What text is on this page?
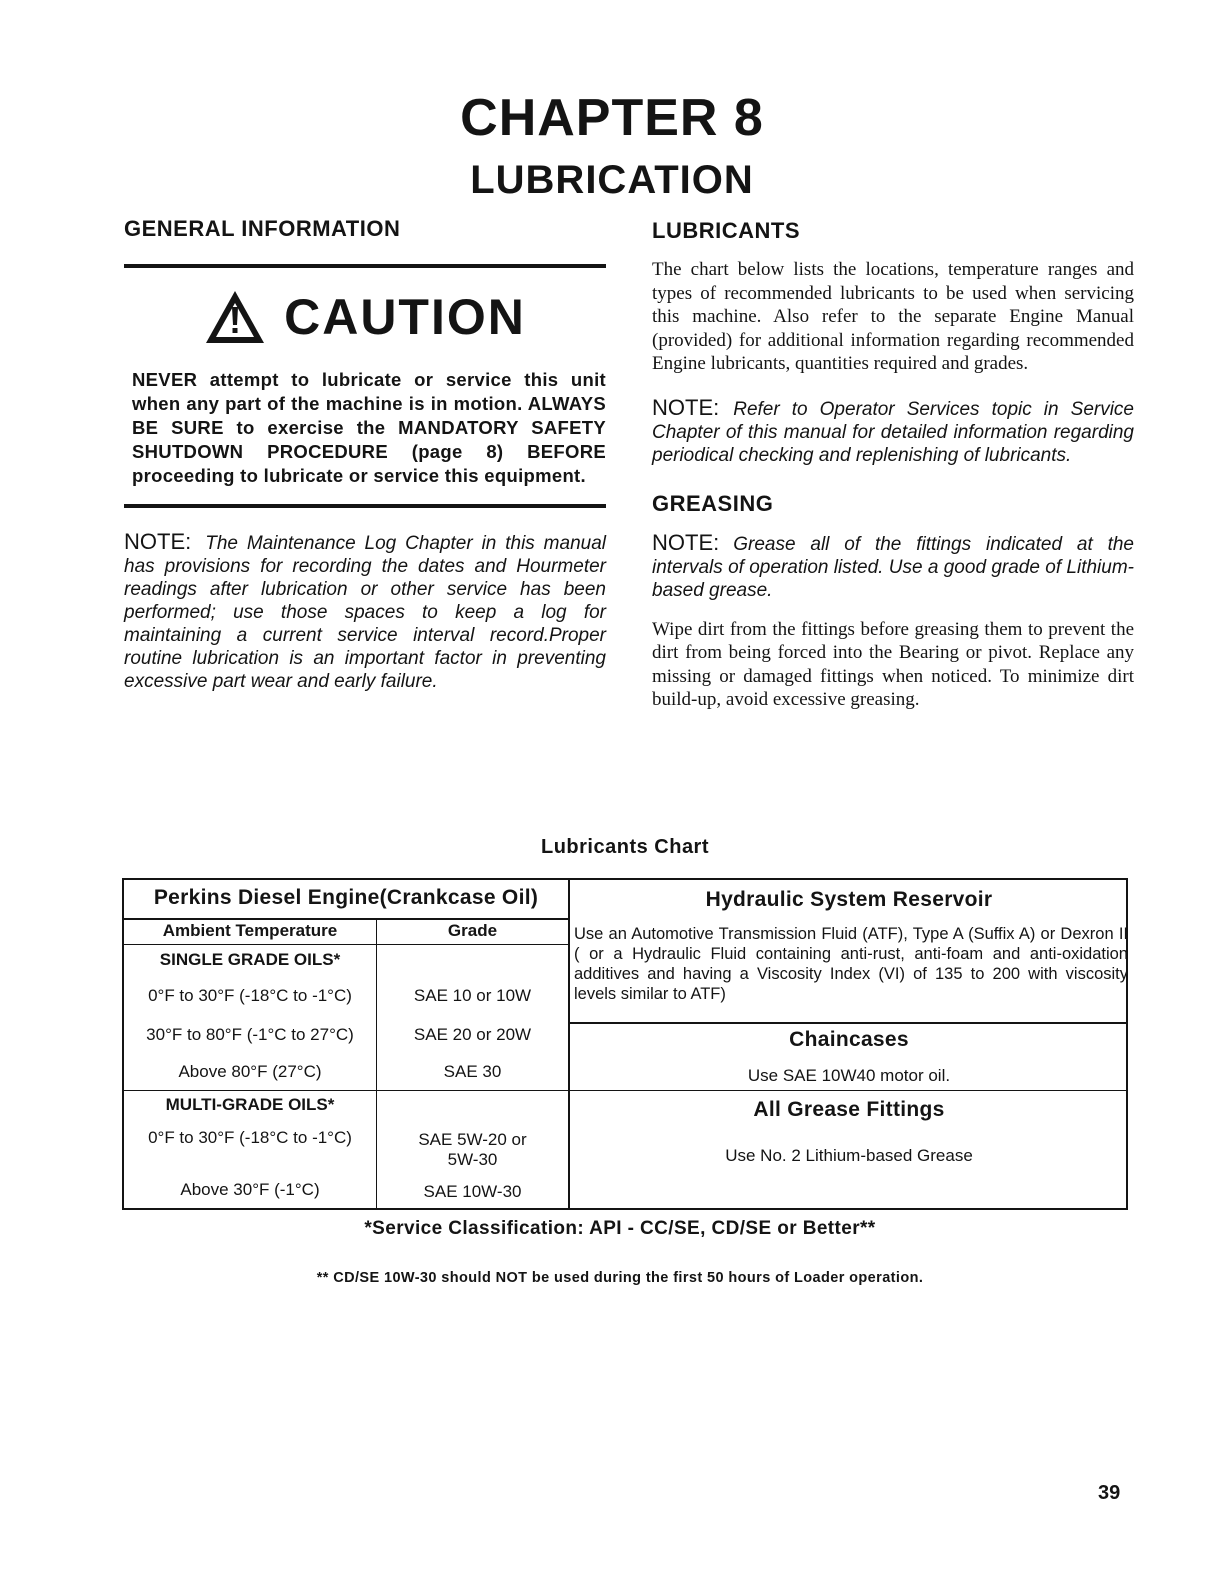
CHAPTER 8
LUBRICATION
GENERAL INFORMATION
CAUTION
NEVER attempt to lubricate or service this unit when any part of the machine is in motion. ALWAYS BE SURE to exercise the MANDATORY SAFETY SHUTDOWN PROCEDURE (page 8) BEFORE proceeding to lubricate or service this equipment.
NOTE: The Maintenance Log Chapter in this manual has provisions for recording the dates and Hourmeter readings after lubrication or other service has been performed; use those spaces to keep a log for maintaining a current service interval record.Proper routine lubrication is an important factor in preventing excessive part wear and early failure.
LUBRICANTS
The chart below lists the locations, temperature ranges and types of recommended lubricants to be used when servicing this machine. Also refer to the separate Engine Manual (provided) for additional information regarding recommended Engine lubricants, quantities required and grades.
NOTE: Refer to Operator Services topic in Service Chapter of this manual for detailed information regarding periodical checking and replenishing of lubricants.
GREASING
NOTE: Grease all of the fittings indicated at the intervals of operation listed. Use a good grade of Lithium-based grease.
Wipe dirt from the fittings before greasing them to prevent the dirt from being forced into the Bearing or pivot. Replace any missing or damaged fittings when noticed. To minimize dirt build-up, avoid excessive greasing.
Lubricants Chart
Perkins Diesel Engine(Crankcase Oil)
Ambient Temperature	Grade
SINGLE GRADE OILS*
0°F to 30°F (-18°C to -1°C)	SAE 10 or 10W
30°F to 80°F (-1°C to 27°C)	SAE 20 or 20W
Above 80°F (27°C)	SAE 30
MULTI-GRADE OILS*
0°F to 30°F (-18°C to -1°C)	SAE 5W-20 or
5W-30
Above 30°F (-1°C)	SAE 10W-30
Hydraulic System Reservoir
Use an Automotive Transmission Fluid (ATF), Type A (Suffix A) or Dexron II ( or a Hydraulic Fluid containing anti-rust, anti-foam and anti-oxidation additives and having a Viscosity Index (VI) of 135 to 200 with viscosity levels similar to ATF)
Chaincases
Use SAE 10W40 motor oil.
All Grease Fittings
Use No. 2 Lithium-based Grease
*Service Classification: API - CC/SE, CD/SE or Better**
** CD/SE 10W-30 should NOT be used during the first 50 hours of Loader operation.
39
